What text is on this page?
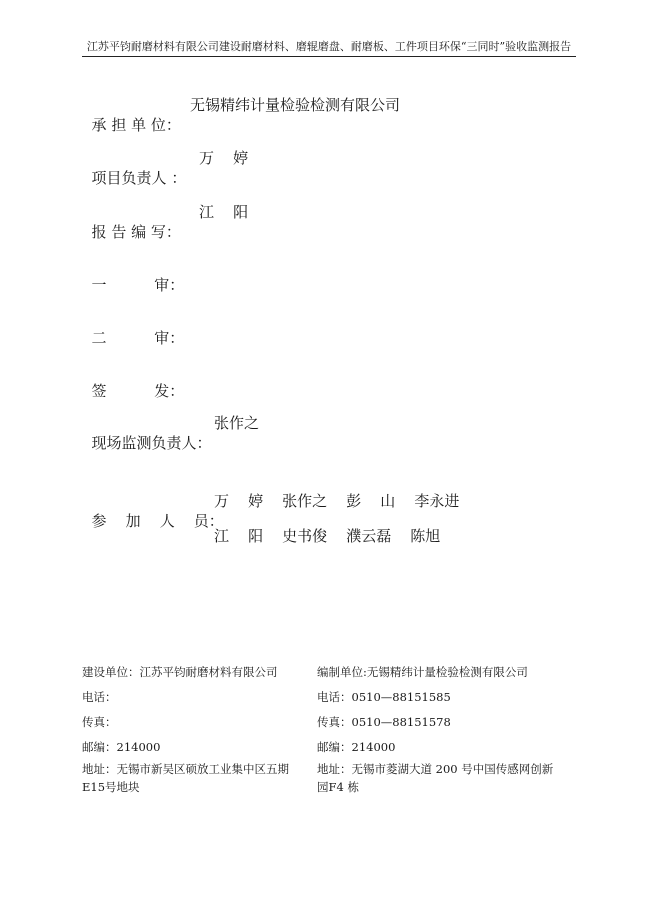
江苏平钧耐磨材料有限公司建设耐磨材料、磨辊磨盘、耐磨板、工件项目环保“三同时”验收监测报告

承 担 单 位：

无锡精纬计量检验检测有限公司

项目负责人 ：

万    婷

报 告 编 写：

江    阳

一          审：

二          审：

签          发：

现场监测负责人：

张作之

参    加    人    员：

万    婷    张作之    彭    山    李永进
江    阳    史书俊    濮云磊    陈旭
建设单位：江苏平钧耐磨材料有限公司
电话：
传真：
邮编：214000
地址：无锡市新吴区硕放工业集中区五期E15号地块
编制单位:无锡精纬计量检验检测有限公司
电话：0510—88151585
传真：0510—88151578
邮编：214000
地址：无锡市菱湖大道 200 号中国传感网创新园F4 栋
